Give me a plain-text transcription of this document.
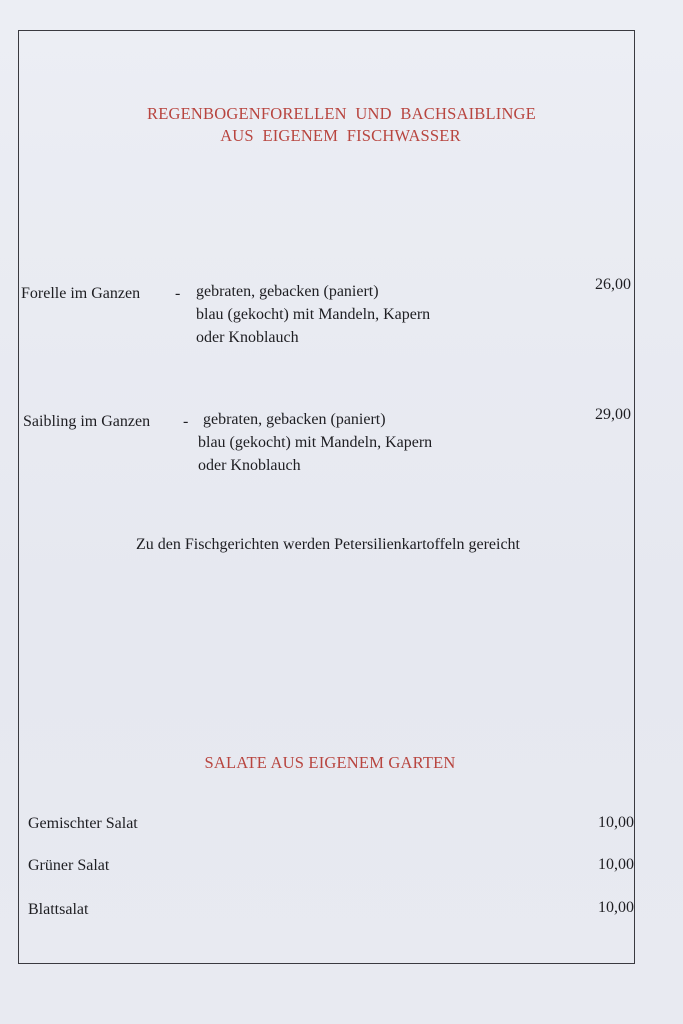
REGENBOGENFORELLEN  UND  BACHSAIBLINGE
AUS  EIGENEM  FISCHWASSER
Forelle im Ganzen - gebraten, gebacken (paniert)
blau (gekocht) mit Mandeln, Kapern
oder Knoblauch
26,00
Saibling im Ganzen - gebraten, gebacken (paniert)
blau (gekocht) mit Mandeln, Kapern
oder Knoblauch
29,00
Zu den Fischgerichten werden Petersilienkartoffeln gereicht
SALATE AUS EIGENEM GARTEN
Gemischter Salat	10,00
Grüner Salat	10,00
Blattsalat	10,00
